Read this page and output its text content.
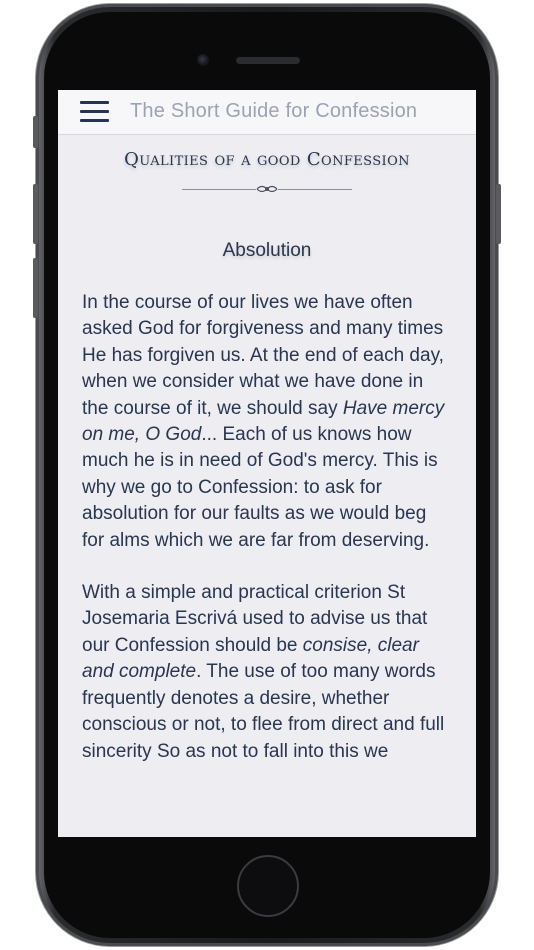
The Short Guide for Confession
Qualities of a good Confession
Absolution

In the course of our lives we have often asked God for forgiveness and many times He has forgiven us. At the end of each day, when we consider what we have done in the course of it, we should say Have mercy on me, O God... Each of us knows how much he is in need of God's mercy. This is why we go to Confession: to ask for absolution for our faults as we would beg for alms which we are far from deserving.

With a simple and practical criterion St Josemaria Escrivá used to advise us that our Confession should be consise, clear and complete. The use of too many words frequently denotes a desire, whether conscious or not, to flee from direct and full sincerity So as not to fall into this we
